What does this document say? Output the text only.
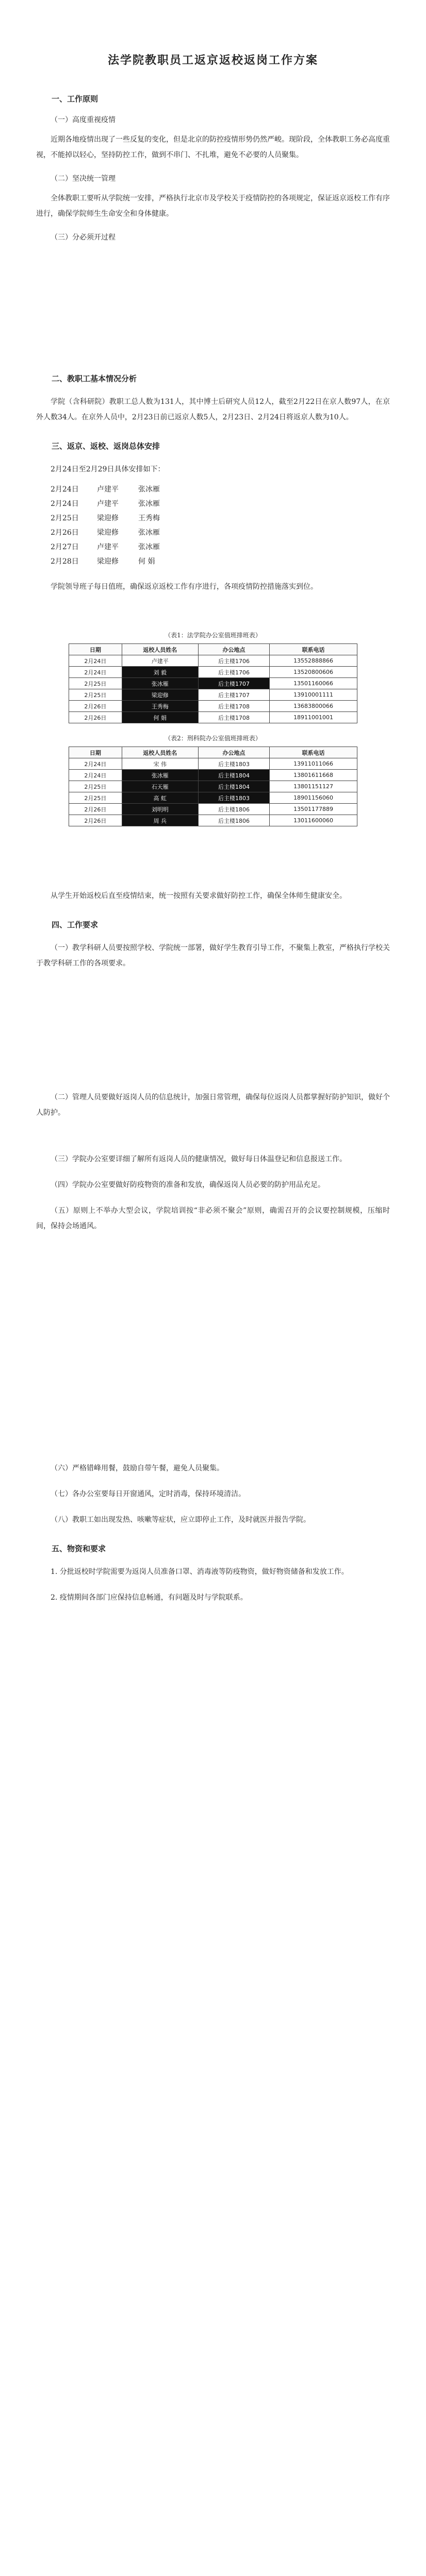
法学院教职员工返京返校返岗工作方案

一、工作原则
（一）高度重视疫情

近期各地疫情出现了一些反复的变化，但是北京的防控疫情形势仍然严峻。现阶段，全体教职工务必高度重视，不能掉以轻心，坚持防控工作，做到不串门、不扎堆，避免不必要的人员聚集。

（二）坚决统一管理

全体教职工要听从学院统一安排，严格执行北京市及学校关于疫情防控的各项规定，保证返京返校工作有序进行，确保学院师生生命安全和身体健康。

（三）分必须开过程
二、教职工基本情况分析

学院（含科研院）教职工总人数为131人，其中博士后研究人员12人，截至2月22日在京人数97人，在京外人数34人。在京外人员中，2月23日前已返京人数5人，2月23日、2月24日将返京人数为10人。

三、返京、返校、返岗总体安排
2月24日至2月29日具体安排如下：
2月24日	卢建平	张冰雁
2月24日	卢建平	张冰雁
2月25日	梁迎修	王秀梅
2月26日	梁迎修	张冰雁
2月27日	卢建平	张冰雁
2月28日	梁迎修	何 娟

学院领导班子每日值班，确保返京返校工作有序进行，各项疫情防控措施落实到位。

（表1：法学院办公室值班排班表）
日期	返校人员姓名	办公地点	联系电话
2月24日	卢建平	后主楼1706	13552888866
2月24日	刘 毅	后主楼1706	13520800606
2月25日	张冰雁	后主楼1707	13501160066
2月25日	梁迎修	后主楼1707	13910001111
2月26日	王秀梅	后主楼1708	13683800066
2月26日	何 娟	后主楼1708	18911001001
（表2：刑科院办公室值班排班表）
日期	返校人员姓名	办公地点	联系电话
2月24日	宋 伟	后主楼1803	13911011066
2月24日	张冰雁	后主楼1804	13801611668
2月25日	石天雁	后主楼1804	13801151127
2月25日	高 虹	后主楼1803	18901156060
2月26日	刘明明	后主楼1806	13501177889
2月26日	周 兵	后主楼1806	13011600060

从学生开始返校后直至疫情结束，统一按照有关要求做好防控工作，确保全体师生健康安全。

四、工作要求

（一）教学科研人员要按照学校、学院统一部署，做好学生教育引导工作，不聚集上教室，严格执行学校关于教学科研工作的各项要求。

（二）管理人员要做好返岗人员的信息统计，加强日常管理，确保每位返岗人员都掌握好防护知识，做好个人防护。

（三）学院办公室要详细了解所有返岗人员的健康情况，做好每日体温登记和信息报送工作。

（四）学院办公室要做好防疫物资的准备和发放，确保返岗人员必要的防护用品充足。

（五）原则上不举办大型会议，学院培训按“非必须不聚会”原则，确需召开的会议要控制规模，压缩时间，保持会场通风。

（六）严格错峰用餐，鼓励自带午餐，避免人员聚集。

（七）各办公室要每日开窗通风，定时消毒，保持环境清洁。

（八）教职工如出现发热、咳嗽等症状，应立即停止工作，及时就医并报告学院。

五、物资和要求

1. 分批返校时学院需要为返岗人员准备口罩、消毒液等防疫物资，做好物资储备和发放工作。

2. 疫情期间各部门应保持信息畅通，有问题及时与学院联系。
